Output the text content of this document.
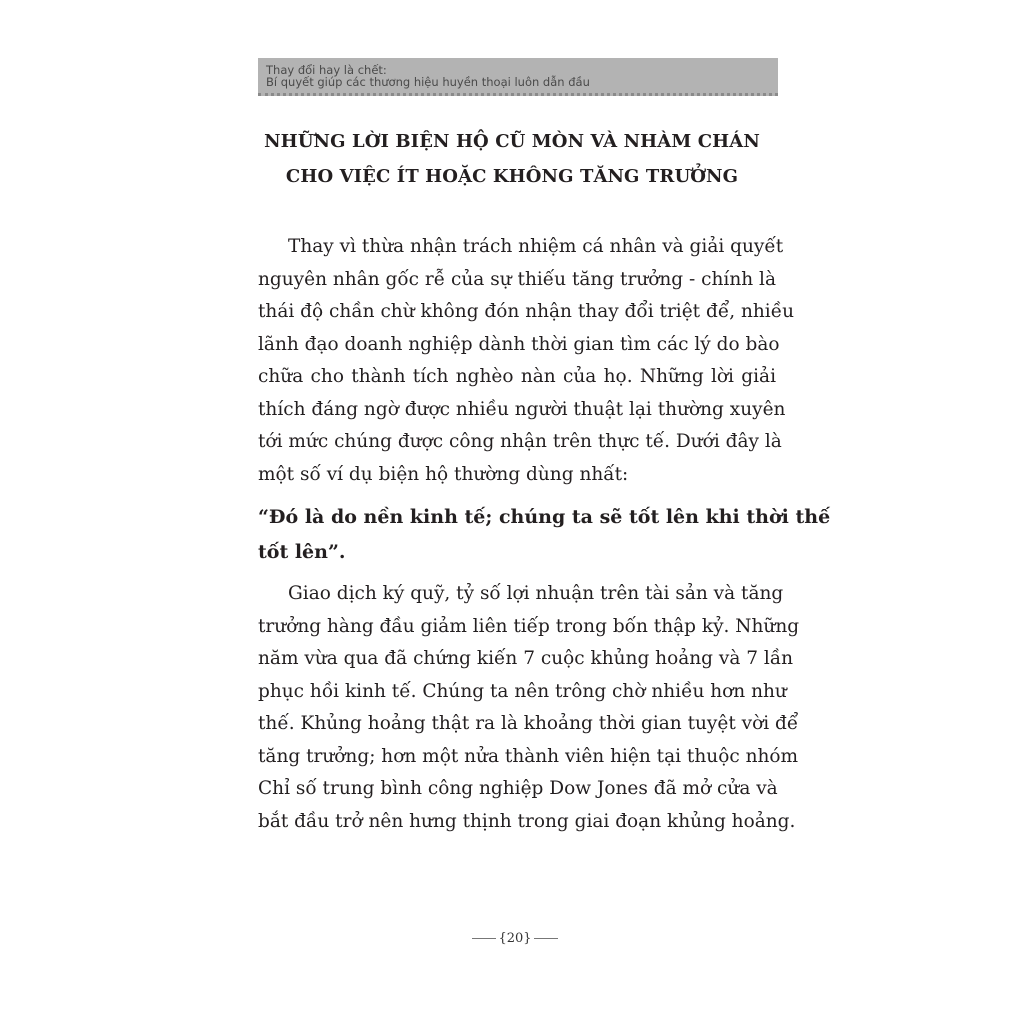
Thay đổi hay là chết:
Bí quyết giúp các thương hiệu huyền thoại luôn dẫn đầu
NHỮNG LỜI BIỆN HỘ CŨ MÒN VÀ NHÀM CHÁN
CHO VIỆC ÍT HOẶC KHÔNG TĂNG TRƯỞNG
Thay vì thừa nhận trách nhiệm cá nhân và giải quyết
nguyên nhân gốc rễ của sự thiếu tăng trưởng - chính là
thái độ chần chừ không đón nhận thay đổi triệt để, nhiều
lãnh đạo doanh nghiệp dành thời gian tìm các lý do bào
chữa cho thành tích nghèo nàn của họ. Những lời giải
thích đáng ngờ được nhiều người thuật lại thường xuyên
tới mức chúng được công nhận trên thực tế. Dưới đây là
một số ví dụ biện hộ thường dùng nhất:
“Đó là do nền kinh tế; chúng ta sẽ tốt lên khi thời thế
tốt lên”.
Giao dịch ký quỹ, tỷ số lợi nhuận trên tài sản và tăng
trưởng hàng đầu giảm liên tiếp trong bốn thập kỷ. Những
năm vừa qua đã chứng kiến 7 cuộc khủng hoảng và 7 lần
phục hồi kinh tế. Chúng ta nên trông chờ nhiều hơn như
thế. Khủng hoảng thật ra là khoảng thời gian tuyệt vời để
tăng trưởng; hơn một nửa thành viên hiện tại thuộc nhóm
Chỉ số trung bình công nghiệp Dow Jones đã mở cửa và
bắt đầu trở nên hưng thịnh trong giai đoạn khủng hoảng.
{20}
